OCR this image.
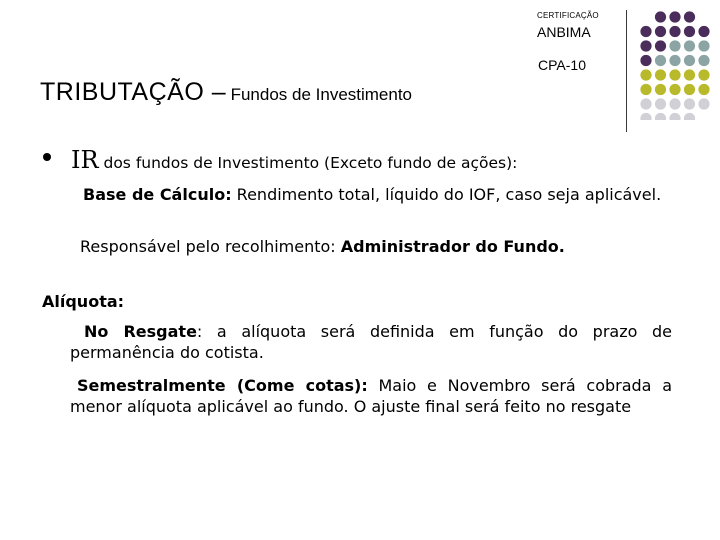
CERTIFICAÇÃO
ANBIMA
CPA-10
TRIBUTAÇÃO – Fundos de Investimento
IR dos fundos de Investimento (Exceto fundo de ações):
Base de Cálculo: Rendimento total, líquido do IOF, caso seja aplicável.
Responsável pelo recolhimento: Administrador do Fundo.
Alíquota:
No Resgate: a alíquota será definida em função do prazo de permanência do cotista.
Semestralmente (Come cotas): Maio e Novembro será cobrada a menor alíquota aplicável ao fundo. O ajuste final será feito no resgate
